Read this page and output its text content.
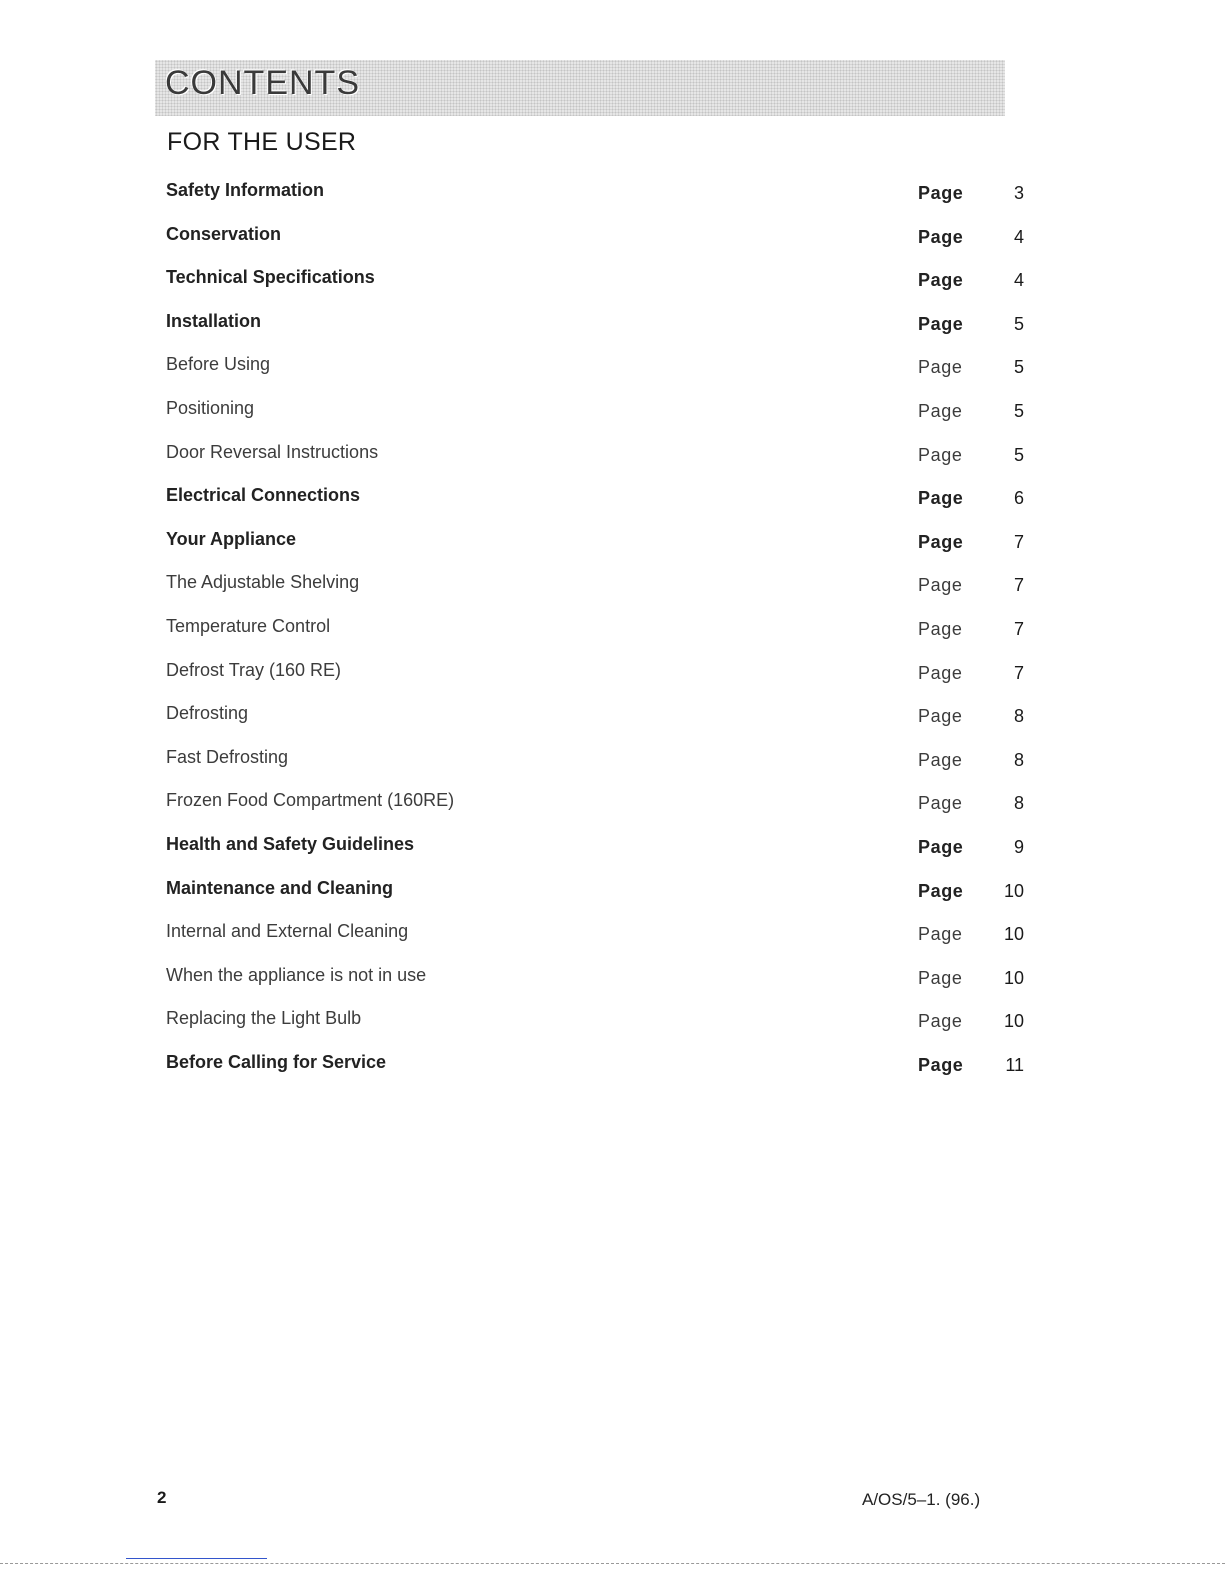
CONTENTS
FOR THE USER
Safety Information	Page	3
Conservation	Page	4
Technical Specifications	Page	4
Installation	Page	5
Before Using	Page	5
Positioning	Page	5
Door Reversal Instructions	Page	5
Electrical Connections	Page	6
Your Appliance	Page	7
The Adjustable Shelving	Page	7
Temperature Control	Page	7
Defrost Tray (160 RE)	Page	7
Defrosting	Page	8
Fast Defrosting	Page	8
Frozen Food Compartment (160RE)	Page	8
Health and Safety Guidelines	Page	9
Maintenance and Cleaning	Page	10
Internal and External Cleaning	Page	10
When the appliance is not in use	Page	10
Replacing the Light Bulb	Page	10
Before Calling for Service	Page	11
2	A/OS/5–1. (96.)
